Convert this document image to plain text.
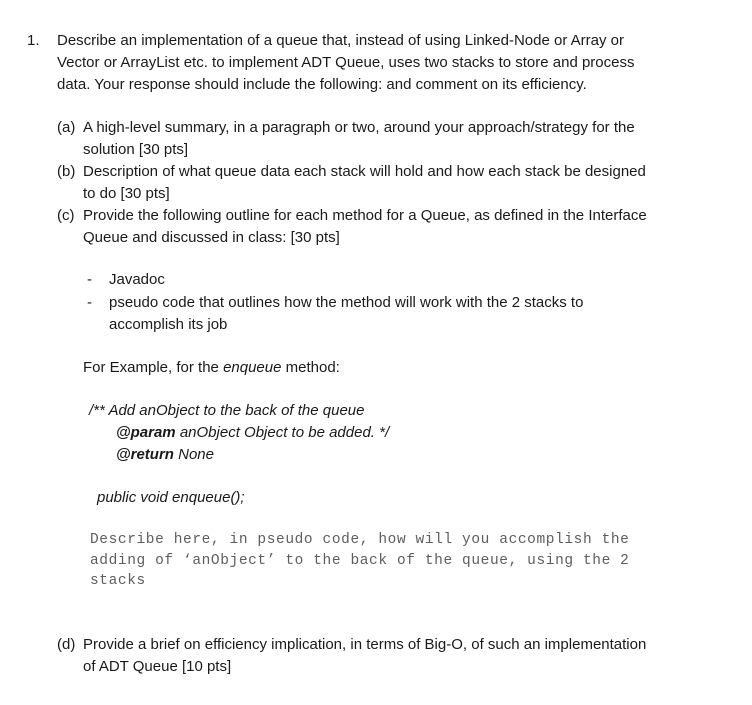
1. Describe an implementation of a queue that, instead of using Linked-Node or Array or
Vector or ArrayList etc. to implement ADT Queue, uses two stacks to store and process
data. Your response should include the following: and comment on its efficiency.
(a) A high-level summary, in a paragraph or two, around your approach/strategy for the
solution [30 pts]
(b) Description of what queue data each stack will hold and how each stack be designed
to do [30 pts]
(c) Provide the following outline for each method for a Queue, as defined in the Interface
Queue and discussed in class: [30 pts]
- Javadoc
- pseudo code that outlines how the method will work with the 2 stacks to
accomplish its job
For Example, for the enqueue method:
/** Add anObject to the back of the queue
@param anObject Object to be added. */
@return None
public void enqueue();
Describe here, in pseudo code, how will you accomplish the
adding of ‘anObject’ to the back of the queue, using the 2
stacks
(d) Provide a brief on efficiency implication, in terms of Big-O, of such an implementation
of ADT Queue [10 pts]
